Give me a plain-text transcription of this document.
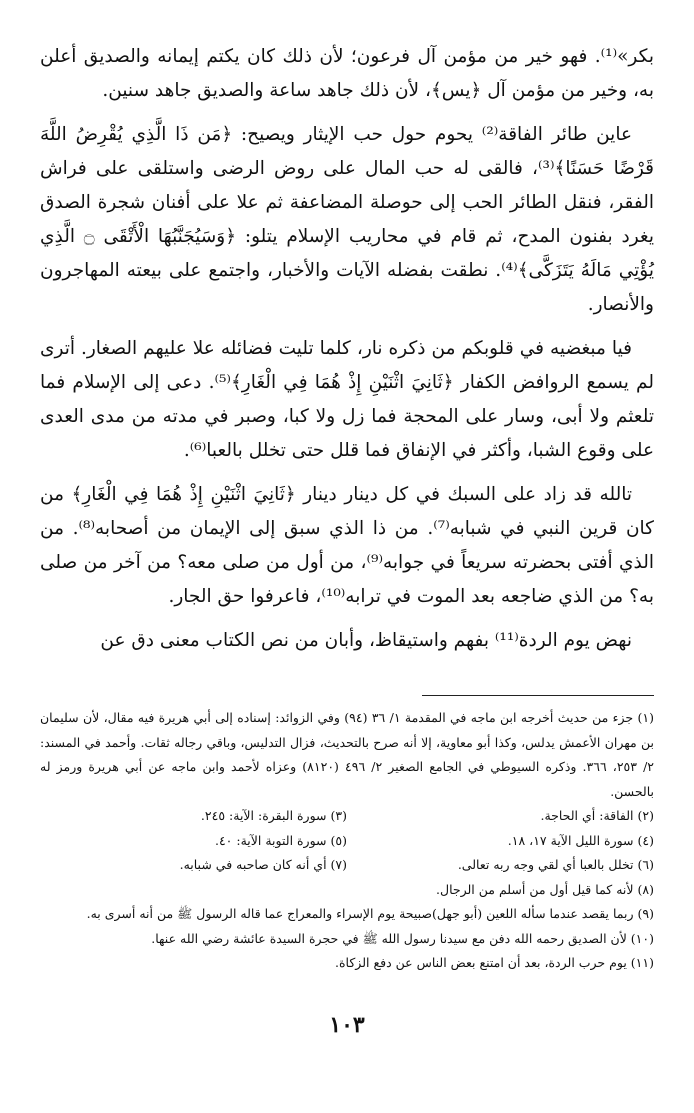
بكر»⁽¹⁾. فهو خير من مؤمن آل فرعون؛ لأن ذلك كان يكتم إيمانه والصديق أعلن به، وخير من مؤمن آل ﴿يس﴾، لأن ذلك جاهد ساعة والصديق جاهد سنين.

عاين طائر الفاقة⁽²⁾ يحوم حول حب الإيثار ويصيح: ﴿مَن ذَا الَّذِي يُقْرِضُ اللَّهَ قَرْضًا حَسَنًا﴾⁽³⁾، فالقى له حب المال على روض الرضى واستلقى على فراش الفقر، فنقل الطائر الحب إلى حوصلة المضاعفة ثم علا على أفنان شجرة الصدق يغرد بفنون المدح، ثم قام في محاريب الإسلام يتلو: ﴿وَسَيُجَنَّبُهَا الْأَتْقَى ۝ الَّذِي يُؤْتِي مَالَهُ يَتَزَكَّى﴾⁽⁴⁾. نطقت بفضله الآيات والأخبار، واجتمع على بيعته المهاجرون والأنصار.

فيا مبغضيه في قلوبكم من ذكره نار، كلما تليت فضائله علا عليهم الصغار. أترى لم يسمع الروافض الكفار ﴿ثَانِيَ اثْنَيْنِ إِذْ هُمَا فِي الْغَارِ﴾⁽⁵⁾. دعى إلى الإسلام فما تلعثم ولا أبى، وسار على المحجة فما زل ولا كبا، وصبر في مدته من مدى العدى على وقوع الشبا، وأكثر في الإنفاق فما قلل حتى تخلل بالعبا⁽⁶⁾.

تالله قد زاد على السبك في كل دينار دينار ﴿ثَانِيَ اثْنَيْنِ إِذْ هُمَا فِي الْغَارِ﴾ من كان قرين النبي في شبابه⁽⁷⁾. من ذا الذي سبق إلى الإيمان من أصحابه⁽⁸⁾. من الذي أفتى بحضرته سريعاً في جوابه⁽⁹⁾، من أول من صلى معه؟ من آخر من صلى به؟ من الذي ضاجعه بعد الموت في ترابه⁽¹⁰⁾، فاعرفوا حق الجار.

نهض يوم الردة⁽¹¹⁾ بفهم واستيقاظ، وأبان من نص الكتاب معنى دق عن

(١) جزء من حديث أخرجه ابن ماجه في المقدمة ١/ ٣٦ (٩٤) وفي الزوائد: إسناده إلى أبي هريرة فيه مقال، لأن سليمان بن مهران الأعمش يدلس، وكذا أبو معاوية، إلا أنه صرح بالتحديث، فزال التدليس، وباقي رجاله ثقات. وأحمد في المسند: ٢/ ٢٥٣، ٣٦٦. وذكره السيوطي في الجامع الصغير ٢/ ٤٩٦ (٨١٢٠) وعزاه لأحمد وابن ماجه عن أبي هريرة ورمز له بالحسن.

(٢) الفاقة: أي الحاجة.
(٣) سورة البقرة: الآية: ٢٤٥.
(٤) سورة الليل الآية ١٧، ١٨.
(٥) سورة التوبة الآية: ٤٠.
(٦) تخلل بالعبا أي لقي وجه ربه تعالى.
(٧) أي أنه كان صاحبه في شبابه.

(٨) لأنه كما قيل أول من أسلم من الرجال.

(٩) ربما يقصد عندما سأله اللعين (أبو جهل)صبيحة يوم الإسراء والمعراج عما قاله الرسول ﷺ من أنه أسرى به.

(١٠) لأن الصديق رحمه الله دفن مع سيدنا رسول الله ﷺ في حجرة السيدة عائشة رضي الله عنها.

(١١) يوم حرب الردة، بعد أن امتنع بعض الناس عن دفع الزكاة.

١٠٣
